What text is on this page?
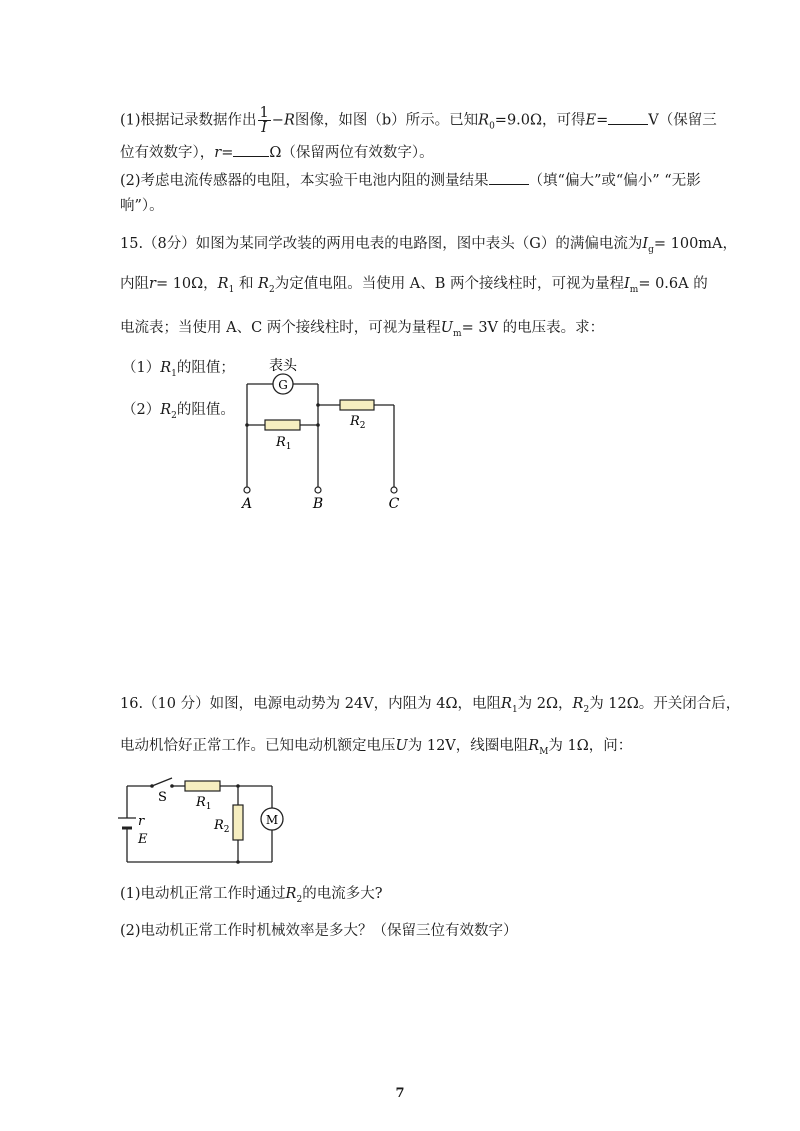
(1)根据记录数据作出 $\frac{1}{I} -R$图像，如图（b）所示。已知$R_0=9.0\Omega$，可得E=	V（保留三
位有效数字），r= Ω（保留两位有效数字）。
(2)考虑电流传感器的电阻，本实验干电池内阻的测量结果	（填“偏大”或“偏小” “无影
响”）。
15.（8分）如图为某同学改装的两用电表的电路图，图中表头（G）的满偏电流为$I_g= 100mA$，
内阻r= 10Ω，$R_1$ 和 $R_2$为定值电阻。当使用 A、B 两个接线柱时，可视为量程$I_m= 0.6A$ 的
电流表；当使用 A、C 两个接线柱时，可视为量程$U_m= 3V$ 的电压表。求：
$(1)R_1$的阻值；
$(2)R_2$的阻值。
G
表头
$R_1$
$R_2$
A	B	C
16.（10 分）如图，电源电动势为 24V，内阻为 4Ω，电阻$R_1$为 2Ω，$R_2$为 12Ω。开关闭合后，
电动机恰好正常工作。已知电动机额定电压U为 12V，线圈电阻$R_M$为 1Ω，问：
M
S $R_1$
$R_2$
r
E
(1)电动机正常工作时通过$R_2$的电流多大?
(2)电动机正常工作时机械效率是多大？（保留三位有效数字）
7
